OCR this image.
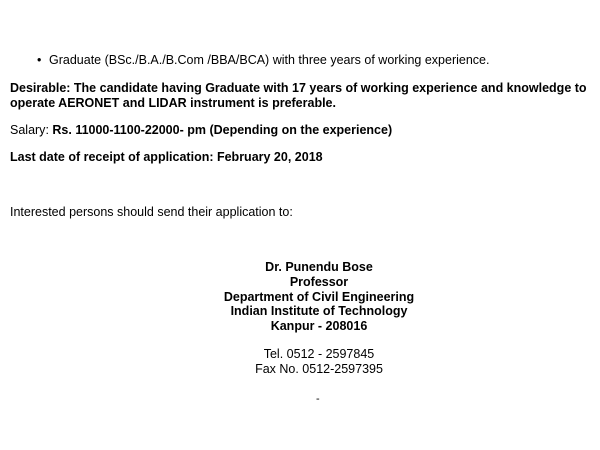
• Graduate (BSc./B.A./B.Com /BBA/BCA) with three years of working experience.

Desirable: The candidate having Graduate with 17 years of working experience and knowledge to operate AERONET and LIDAR instrument is preferable.

Salary: Rs. 11000-1100-22000- pm (Depending on the experience)

Last date of receipt of application: February 20, 2018

Interested persons should send their application to:

Dr. Punendu Bose
Professor
Department of Civil Engineering
Indian Institute of Technology
Kanpur - 208016
Tel. 0512 - 2597845
Fax No. 0512-2597395
-
